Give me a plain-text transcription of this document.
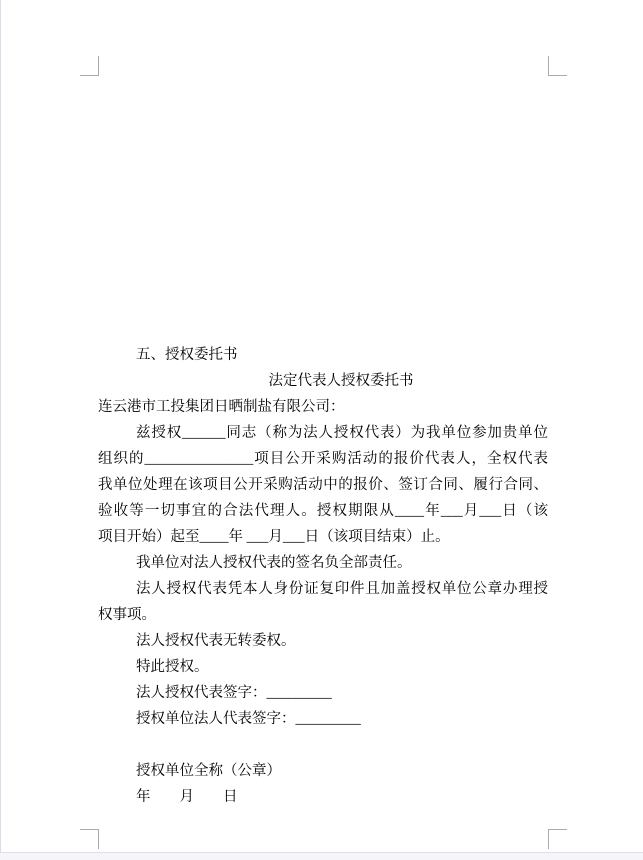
五、授权委托书
法定代表人授权委托书
连云港市工投集团日晒制盐有限公司：
兹授权______同志（称为法人授权代表）为我单位参加贵单位
组织的_______________项目公开采购活动的报价代表人，全权代表
我单位处理在该项目公开采购活动中的报价、签订合同、履行合同、
验收等一切事宜的合法代理人。授权期限从____年___月___日（该
项目开始）起至____年 ___月___日（该项目结束）止。
我单位对法人授权代表的签名负全部责任。
法人授权代表凭本人身份证复印件且加盖授权单位公章办理授
权事项。
法人授权代表无转委权。
特此授权。
法人授权代表签字：_________
授权单位法人代表签字：_________
授权单位全称（公章）
年　　月　　日
